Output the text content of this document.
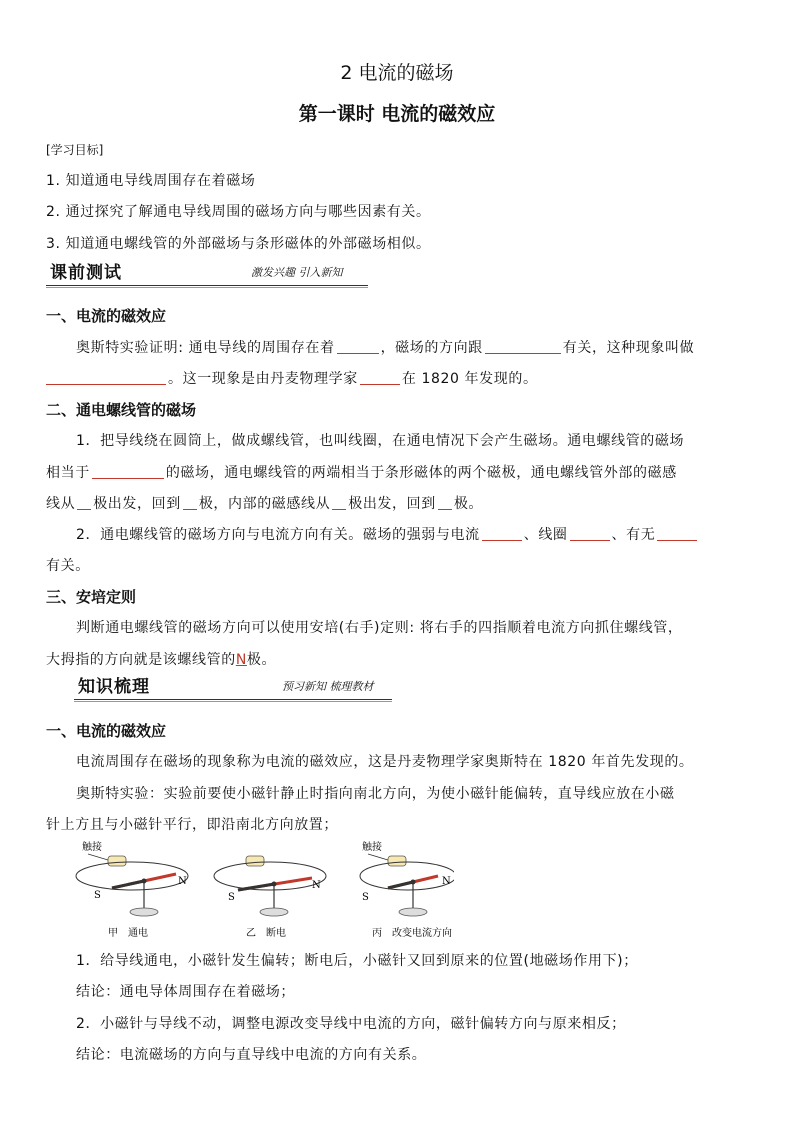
2 电流的磁场
第一课时 电流的磁效应
[学习目标]
1. 知道通电导线周围存在着磁场
2. 通过探究了解通电导线周围的磁场方向与哪些因素有关。
3. 知道通电螺线管的外部磁场与条形磁体的外部磁场相似。
课前测试	激发兴趣 引入新知
一、电流的磁效应
奥斯特实验证明: 通电导线的周围存在着	，磁场的方向跟	有关，这种现象叫做
。这一现象是由丹麦物理学家	在 1820 年发现的。
二、通电螺线管的磁场
1．把导线绕在圆筒上，做成螺线管，也叫线圈，在通电情况下会产生磁场。通电螺线管的磁场
相当于	的磁场，通电螺线管的两端相当于条形磁体的两个磁极，通电螺线管外部的磁感
线从 极出发，回到 极，内部的磁感线从 极出发，回到 极。
2．通电螺线管的磁场方向与电流方向有关。磁场的强弱与电流	、线圈	、有无
有关。
三、安培定则
判断通电螺线管的磁场方向可以使用安培(右手)定则: 将右手的四指顺着电流方向抓住螺线管，
大拇指的方向就是该螺线管的N极。
知识梳理	预习新知 梳理教材
一、电流的磁效应
电流周围存在磁场的现象称为电流的磁效应，这是丹麦物理学家奥斯特在 1820 年首先发现的。
奥斯特实验：实验前要使小磁针静止时指向南北方向，为使小磁针能偏转，直导线应放在小磁
针上方且与小磁针平行，即沿南北方向放置；
触接
S
N
甲　通电
S
N
乙　断电
触接
S
N
丙　改变电流方向
1．给导线通电，小磁针发生偏转；断电后，小磁针又回到原来的位置(地磁场作用下)；
结论：通电导体周围存在着磁场；
2．小磁针与导线不动，调整电源改变导线中电流的方向，磁针偏转方向与原来相反；
结论：电流磁场的方向与直导线中电流的方向有关系。
